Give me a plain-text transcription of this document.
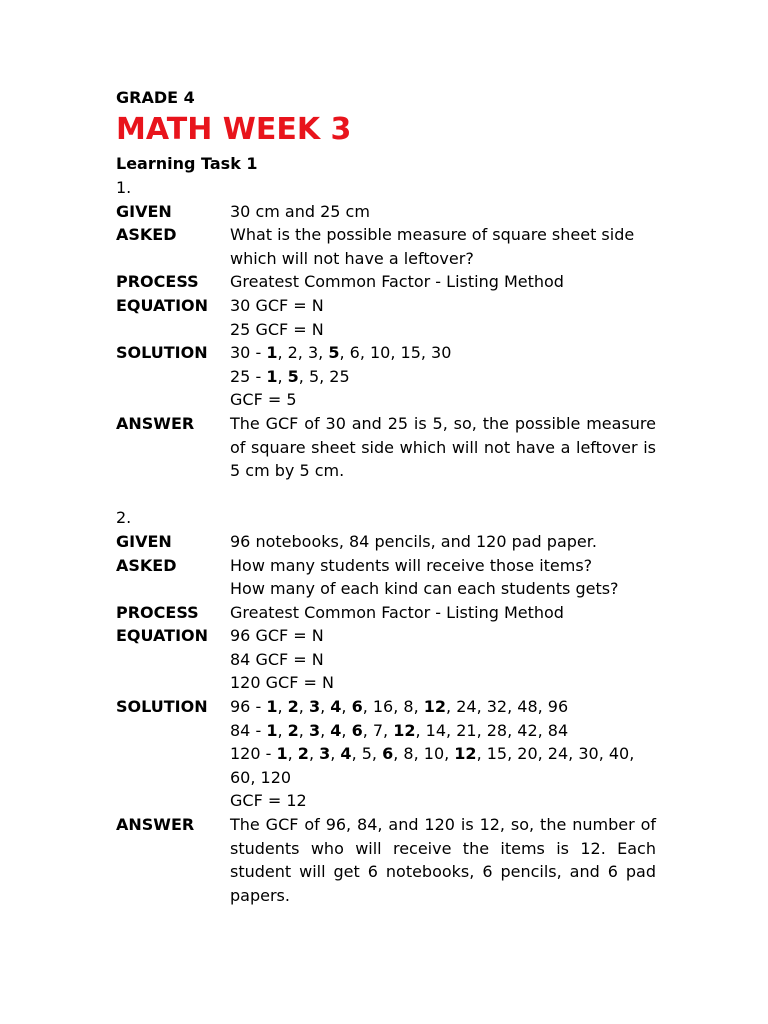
GRADE 4
MATH WEEK 3
Learning Task 1
1.
GIVEN	30 cm and 25 cm
ASKED	What is the possible measure of square sheet side
which will not have a leftover?
PROCESS	Greatest Common Factor - Listing Method
EQUATION	30 GCF = N
25 GCF = N
SOLUTION	30 - 1, 2, 3, 5, 6, 10, 15, 30
25 - 1, 5, 5, 25
GCF = 5
ANSWER	The GCF of 30 and 25 is 5, so, the possible measure of square sheet side which will not have a leftover is 5 cm by 5 cm.
2.
GIVEN	96 notebooks, 84 pencils, and 120 pad paper.
ASKED	How many students will receive those items?
How many of each kind can each students gets?
PROCESS	Greatest Common Factor - Listing Method
EQUATION	96 GCF = N
84 GCF = N
120 GCF = N
SOLUTION	96 - 1, 2, 3, 4, 6, 16, 8, 12, 24, 32, 48, 96
84 - 1, 2, 3, 4, 6, 7, 12, 14, 21, 28, 42, 84
120 - 1, 2, 3, 4, 5, 6, 8, 10, 12, 15, 20, 24, 30, 40,
60, 120
GCF = 12
ANSWER	The GCF of 96, 84, and 120 is 12, so, the number of students who will receive the items is 12. Each student will get 6 notebooks, 6 pencils, and 6 pad papers.
